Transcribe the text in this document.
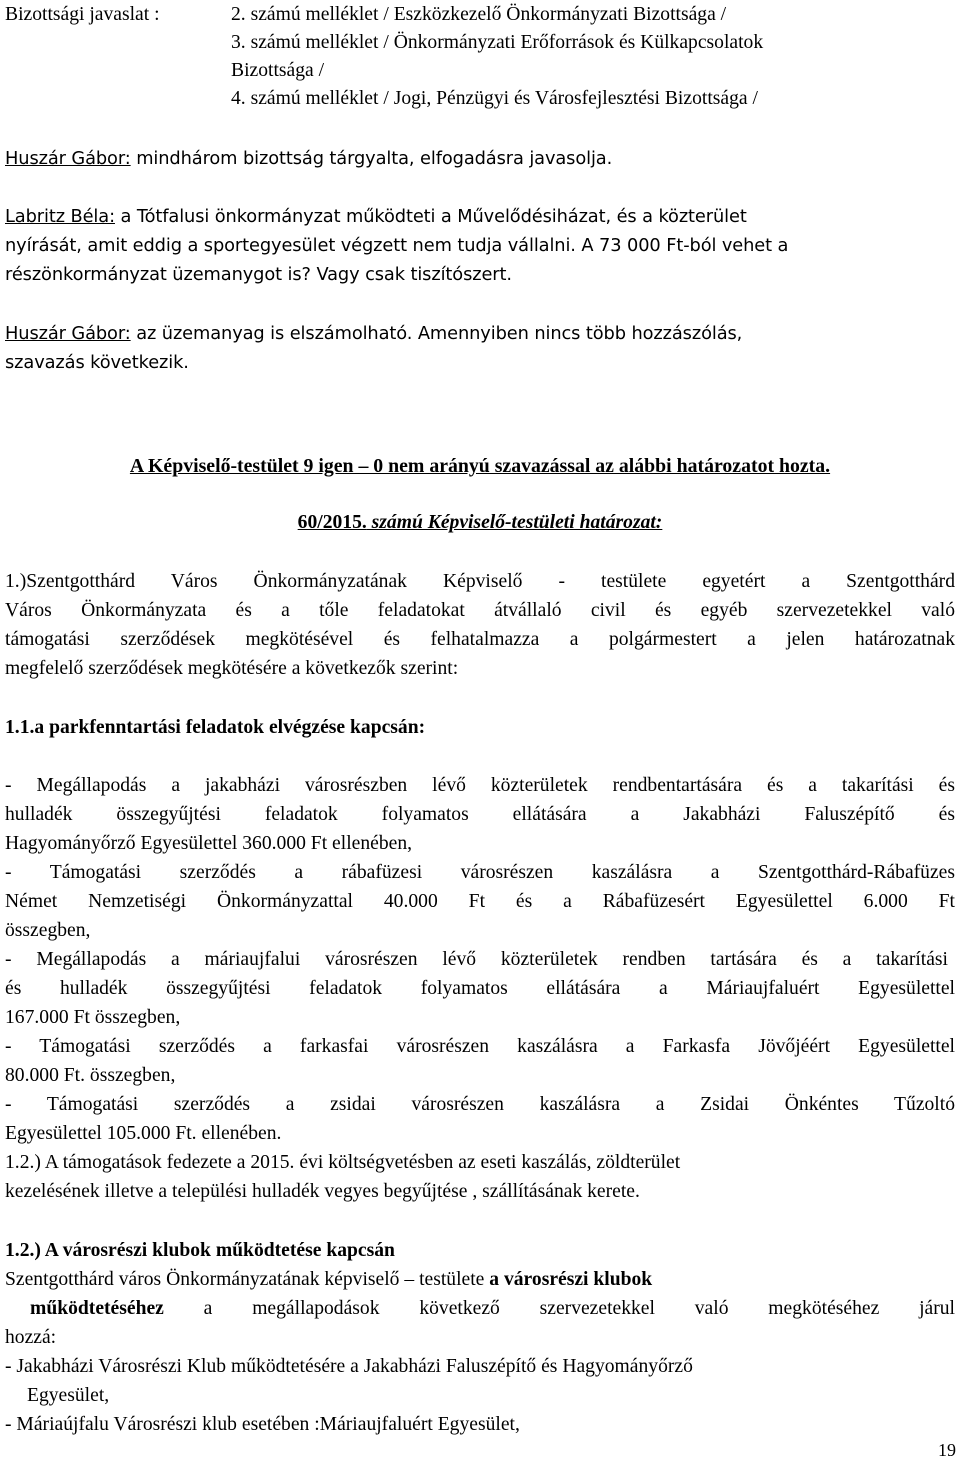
Bizottsági javaslat :	2. számú melléklet / Eszközkezelő Önkormányzati Bizottsága /
3. számú melléklet / Önkormányzati Erőforrások és Külkapcsolatok
Bizottsága /
4. számú melléklet / Jogi, Pénzügyi és Városfejlesztési Bizottsága /
Huszár Gábor: mindhárom bizottság tárgyalta, elfogadásra javasolja.
Labritz Béla: a Tótfalusi önkormányzat működteti a Művelődésiházat, és a közterület
nyírását, amit eddig a sportegyesület végzett nem tudja vállalni. A 73 000 Ft-ból vehet a
részönkormányzat üzemanygot is? Vagy csak tiszítószert.
Huszár Gábor: az üzemanyag is elszámolható. Amennyiben nincs több hozzászólás,
szavazás következik.
A Képviselő-testület 9 igen – 0 nem arányú szavazással az alábbi határozatot hozta.
60/2015. számú Képviselő-testületi határozat:
1.)Szentgotthárd Város Önkormányzatának Képviselő - testülete egyetért a Szentgotthárd
Város Önkormányzata és a tőle feladatokat átvállaló civil és egyéb szervezetekkel való
támogatási szerződések megkötésével és felhatalmazza a polgármestert a jelen határozatnak
megfelelő szerződések megkötésére a következők szerint:
1.1.a parkfenntartási feladatok elvégzése kapcsán:
- Megállapodás a jakabházi városrészben lévő közterületek rendbentartására és a takarítási és
hulladék összegyűjtési feladatok folyamatos ellátására a Jakabházi Faluszépítő és
Hagyományőrző Egyesülettel 360.000 Ft ellenében,
- Támogatási szerződés a rábafüzesi városrészen kaszálásra a Szentgotthárd-Rábafüzes
Német Nemzetiségi Önkormányzattal 40.000 Ft és a Rábafüzesért Egyesülettel 6.000 Ft
összegben,
- Megállapodás a máriaujfalui városrészen lévő közterületek rendben tartására és a takarítási
és hulladék összegyűjtési feladatok folyamatos ellátására a Máriaujfaluért Egyesülettel
167.000 Ft összegben,
- Támogatási szerződés a farkasfai városrészen kaszálásra a Farkasfa Jövőjéért Egyesülettel
80.000 Ft. összegben,
- Támogatási szerződés a zsidai városrészen kaszálásra a Zsidai Önkéntes Tűzoltó
Egyesülettel 105.000 Ft. ellenében.
1.2.) A támogatások fedezete a 2015. évi költségvetésben az eseti kaszálás, zöldterület
kezelésének illetve a települési hulladék vegyes begyűjtése , szállításának kerete.
1.2.) A városrészi klubok működtetése kapcsán
Szentgotthárd város Önkormányzatának képviselő – testülete a városrészi klubok
működtetéséhez a megállapodások következő szervezetekkel való megkötéséhez járul
hozzá:
- Jakabházi Városrészi Klub működtetésére a Jakabházi Faluszépítő és Hagyományőrző
Egyesület,
- Máriaújfalu Városrészi klub esetében :Máriaujfaluért Egyesület,
19
